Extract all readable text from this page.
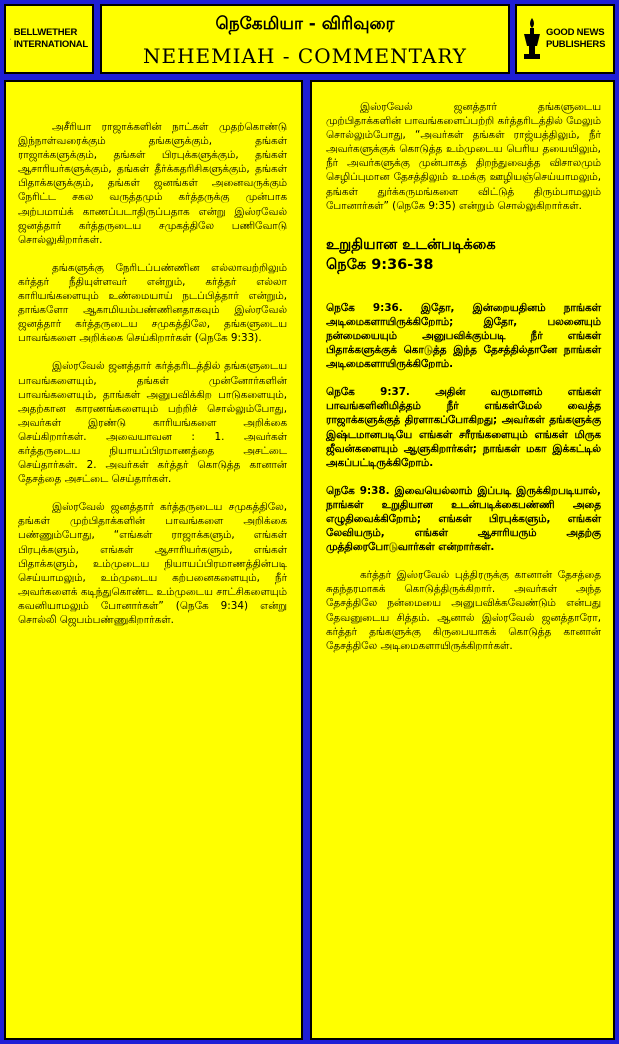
BELLWETHER
INTERNATIONAL
நெகேமியா - விரிவுரை
NEHEMIAH - COMMENTARY
GOOD NEWS
PUBLISHERS

அசீரியா ராஜாக்களின் நாட்கள் முதற்கொண்டு இந்நாள்வரைக்கும் தங்களுக்கும், தங்கள் ராஜாக்களுக்கும், தங்கள் பிரபுக்களுக்கும், தங்கள் ஆசாரியர்களுக்கும், தங்கள் தீர்க்கதரிசிகளுக்கும், தங்கள் பிதாக்களுக்கும், தங்கள் ஜனங்கள் அனைவருக்கும் நேரிட்ட சகல வருத்தமும் கர்த்தருக்கு முன்பாக அற்பமாய்க் காணப்படாதிருப்பதாக என்று இஸ்ரவேல் ஜனத்தார் கர்த்தருடைய சமுகத்திலே பணிவோடு சொல்லுகிறார்கள்.

தங்களுக்கு நேரிடப்பண்ணின எல்லாவற்றிலும் கர்த்தர் நீதியுள்ளவர் என்றும், கர்த்தர் எல்லா காரியங்களையும் உண்மையாய் நடப்பித்தார் என்றும், தாங்களோ ஆகாமியம்பண்ணினதாகவும் இஸ்ரவேல் ஜனத்தார் கர்த்தருடைய சமுகத்திலே, தங்களுடைய பாவங்களை அறிக்கை செய்கிறார்கள் (நெகே 9:33).

இஸ்ரவேல் ஜனத்தார் கர்த்தரிடத்தில் தங்களுடைய பாவங்களையும், தங்கள் முன்னோர்களின் பாவங்களையும், தாங்கள் அனுபவிக்கிற பாடுகளையும், அதற்கான காரணங்களையும் பற்றிச் சொல்லும்போது, அவர்கள் இரண்டு காரியங்களை அறிக்கை செய்கிறார்கள். அவையாவன : 1. அவர்கள் கர்த்தருடைய நியாயப்பிரமாணத்தை அசட்டை செய்தார்கள். 2. அவர்கள் கர்த்தர் கொடுத்த கானான் தேசத்தை அசட்டை செய்தார்கள்.

இஸ்ரவேல் ஜனத்தார் கர்த்தருடைய சமுகத்திலே, தங்கள் முற்பிதாக்களின் பாவங்களை அறிக்கை பண்ணும்போது, “எங்கள் ராஜாக்களும், எங்கள் பிரபுக்களும், எங்கள் ஆசாரியர்களும், எங்கள் பிதாக்களும், உம்முடைய நியாயப்பிரமாணத்தின்படி செய்யாமலும், உம்முடைய கற்பனைகளையும், நீர் அவர்களைக் கடிந்துகொண்ட உம்முடைய சாட்சிகளையும் கவனியாமலும் போனார்கள்” (நெகே 9:34) என்று சொல்லி ஜெபம்பண்ணுகிறார்கள்.

இஸ்ரவேல் ஜனத்தார் தங்களுடைய முற்பிதாக்களின் பாவங்களைப்பற்றி கர்த்தரிடத்தில் மேலும் சொல்லும்போது, “அவர்கள் தங்கள் ராஜ்யத்திலும், நீர் அவர்களுக்குக் கொடுத்த உம்முடைய பெரிய தயையிலும், நீர் அவர்களுக்கு முன்பாகத் திறந்துவைத்த விசாலமும் செழிப்புமான தேசத்திலும் உமக்கு ஊழியஞ்செய்யாமலும், தங்கள் துர்க்கருமங்களை விட்டுத் திரும்பாமலும் போனார்கள்” (நெகே 9:35) என்றும் சொல்லுகிறார்கள்.

உறுதியான உடன்படிக்கை
நெகே 9:36-38

நெகே 9:36. இதோ, இன்றையதினம் நாங்கள் அடிமைகளாயிருக்கிறோம்; இதோ, பலனையும் நன்மையையும் அனுபவிக்கும்படி நீர் எங்கள் பிதாக்களுக்குக் கொடுத்த இந்த தேசத்தில்தானே நாங்கள் அடிமைகளாயிருக்கிறோம்.

நெகே 9:37. அதின் வருமானம் எங்கள் பாவங்களினிமித்தம் நீர் எங்கள்மேல் வைத்த ராஜாக்களுக்குத் திரளாகப்போகிறது; அவர்கள் தங்களுக்கு இஷ்டமானபடியே எங்கள் சரீரங்களையும் எங்கள் மிருக ஜீவன்களையும் ஆளுகிறார்கள்; நாங்கள் மகா இக்கட்டில் அகப்பட்டிருக்கிறோம்.

நெகே 9:38. இவையெல்லாம் இப்படி இருக்கிறபடியால், நாங்கள் உறுதியான உடன்படிக்கைபண்ணி அதை எழுதிவைக்கிறோம்; எங்கள் பிரபுக்களும், எங்கள் லேவியரும், எங்கள் ஆசாரியரும் அதற்கு முத்திரைபோடுவார்கள் என்றார்கள்.

கர்த்தர் இஸ்ரவேல் புத்திரருக்கு கானான் தேசத்தை சுதந்தரமாகக் கொடுத்திருக்கிறார். அவர்கள் அந்த தேசத்திலே நன்மையை அனுபவிக்கவேண்டும் என்பது தேவனுடைய சித்தம். ஆனால் இஸ்ரவேல் ஜனத்தாரோ, கர்த்தர் தங்களுக்கு கிருபையாகக் கொடுத்த கானான் தேசத்திலே அடிமைகளாயிருக்கிறார்கள்.
